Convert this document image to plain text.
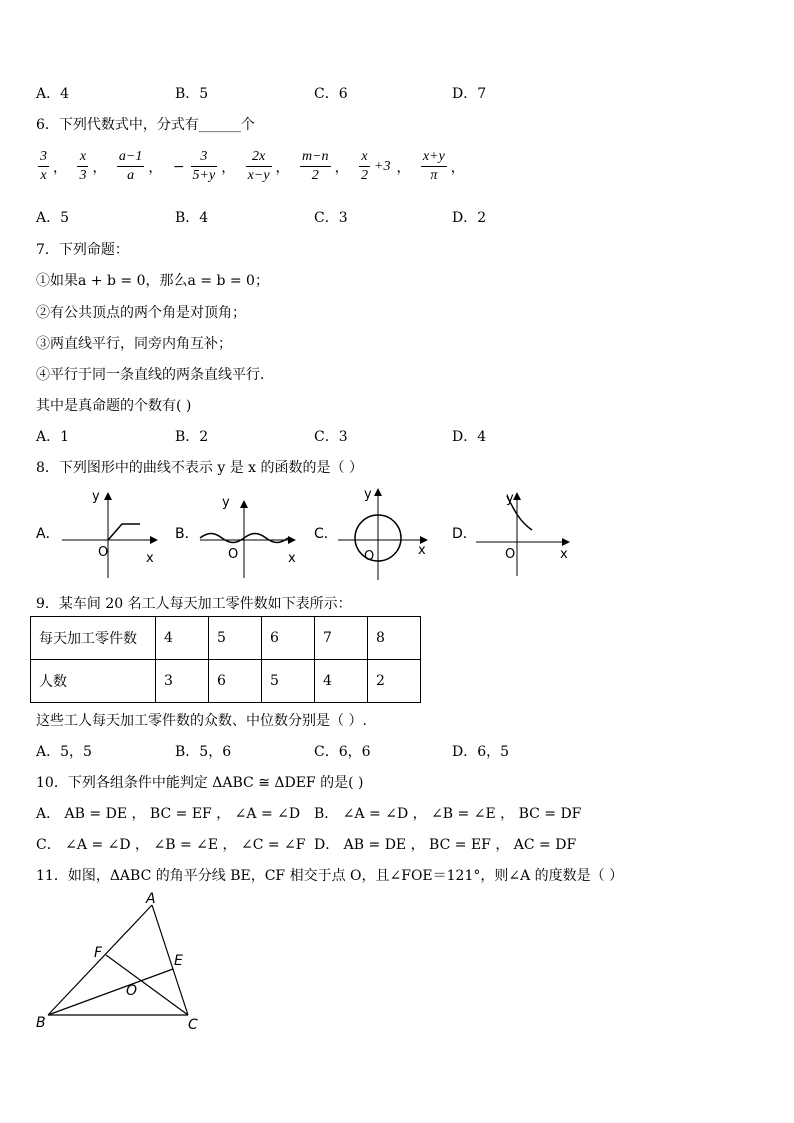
A．4	B．5	C．6	D．7
6．下列代数式中，分式有______个
$\frac{3}{x}$ ， $\frac{x}{3}$ ， $\frac{a-1}{a}$ ， − $\frac{3}{5+y}$ ， $\frac{2x}{x-y}$ ， $\frac{m-n}{2}$ ， $\frac{x}{2} +3$ ， $\frac{x+y}{\pi}$ ，
A．5	B．4	C．3	D．2
7．下列命题：
①如果a + b = 0，那么a = b = 0；
②有公共顶点的两个角是对顶角；
③两直线平行，同旁内角互补；
④平行于同一条直线的两条直线平行．
其中是真命题的个数有( )
A．1	B．2	C．3	D．4
8．下列图形中的曲线不表示 y 是 x 的函数的是（ ）
A．
y
O	x
B．
y
O	x
C．
y
O	x
D．
y
O	x
9．某车间 20 名工人每天加工零件数如下表所示：
每天加工零件数	4	5	6	7	8
人数	3	6	5	4	2
这些工人每天加工零件数的众数、中位数分别是（ ）.
A．5，5	B．5，6	C．6，6	D．6，5
10．下列各组条件中能判定 ΔABC ≅ ΔDEF 的是( )
A． AB = DE ， BC = EF ， ∠A = ∠D B． ∠A = ∠D ， ∠B = ∠E ， BC = DF
C． ∠A = ∠D ， ∠B = ∠E ， ∠C = ∠F D． AB = DE ， BC = EF ， AC = DF
11．如图，ΔABC 的角平分线 BE，CF 相交于点 O，且∠FOE＝121°，则∠A 的度数是（ ）
A
B	C
E
F
O
